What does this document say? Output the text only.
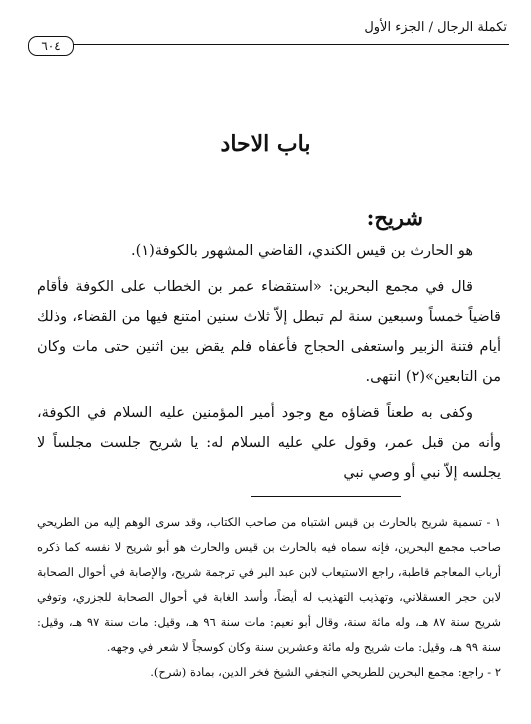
تكملة الرجال / الجزء الأول
٦٠٤
باب الاحاد
شريح:

هو الحارث بن قيس الكندي، القاضي المشهور بالكوفة(١).

قال في مجمع البحرين: «استقضاء عمر بن الخطاب على الكوفة فأقام قاضياً خمساً وسبعين سنة لم تبطل إلاّ ثلاث سنين امتنع فيها من القضاء، وذلك أيام فتنة الزبير واستعفى الحجاج فأعفاه فلم يقض بين اثنين حتى مات وكان من التابعين»(٢) انتهى.

وكفى به طعناً قضاؤه مع وجود أمير المؤمنين عليه السلام في الكوفة، وأنه من قبل عمر، وقول علي عليه السلام له: يا شريح جلست مجلساً لا يجلسه إلاّ نبي أو وصي نبي

١ - تسمية شريح بالحارث بن قيس اشتباه من صاحب الكتاب، وقد سرى الوهم إليه من الطريحي صاحب مجمع البحرين، فإنه سماه فيه بالحارث بن قيس والحارث هو أبو شريح لا نفسه كما ذكره أرباب المعاجم قاطبة، راجع الاستيعاب لابن عبد البر في ترجمة شريح، والإصابة في أحوال الصحابة لابن حجر العسقلاني، وتهذيب التهذيب له أيضاً، وأسد الغابة في أحوال الصحابة للجزري، وتوفي شريح سنة ٨٧ هـ، وله مائة سنة، وقال أبو نعيم: مات سنة ٩٦ هـ، وقيل: مات سنة ٩٧ هـ، وقيل: سنة ٩٩ هـ، وقيل: مات شريح وله مائة وعشرين سنة وكان كوسجاً لا شعر في وجهه.

٢ - راجع: مجمع البحرين للطريحي النجفي الشيخ فخر الدين، بمادة (شرح).
